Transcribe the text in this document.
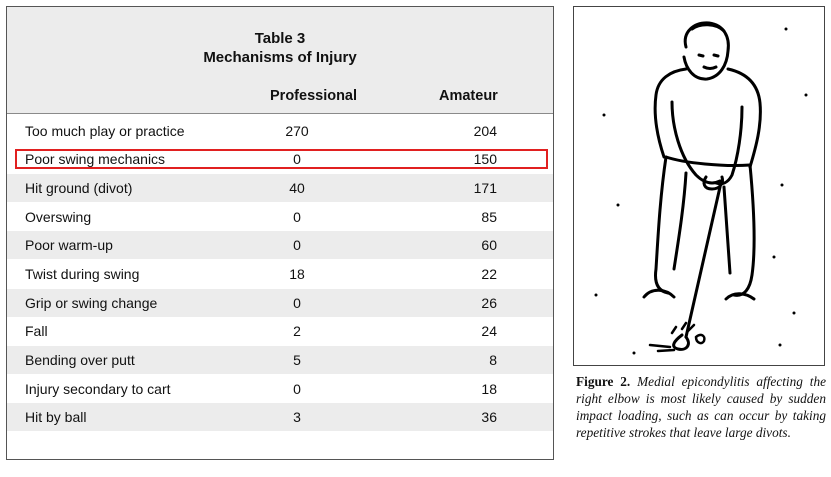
Table 3
Mechanisms of Injury
Professional	Amateur
Too much play or practice	270	204
Poor swing mechanics	0	150
Hit ground (divot)	40	171
Overswing	0	85
Poor warm-up	0	60
Twist during swing	18	22
Grip or swing change	0	26
Fall	2	24
Bending over putt	5	8
Injury secondary to cart	0	18
Hit by ball	3	36
Figure 2. Medial epicondylitis affecting the right elbow is most likely caused by sudden impact loading, such as can occur by taking repetitive strokes that leave large divots.
